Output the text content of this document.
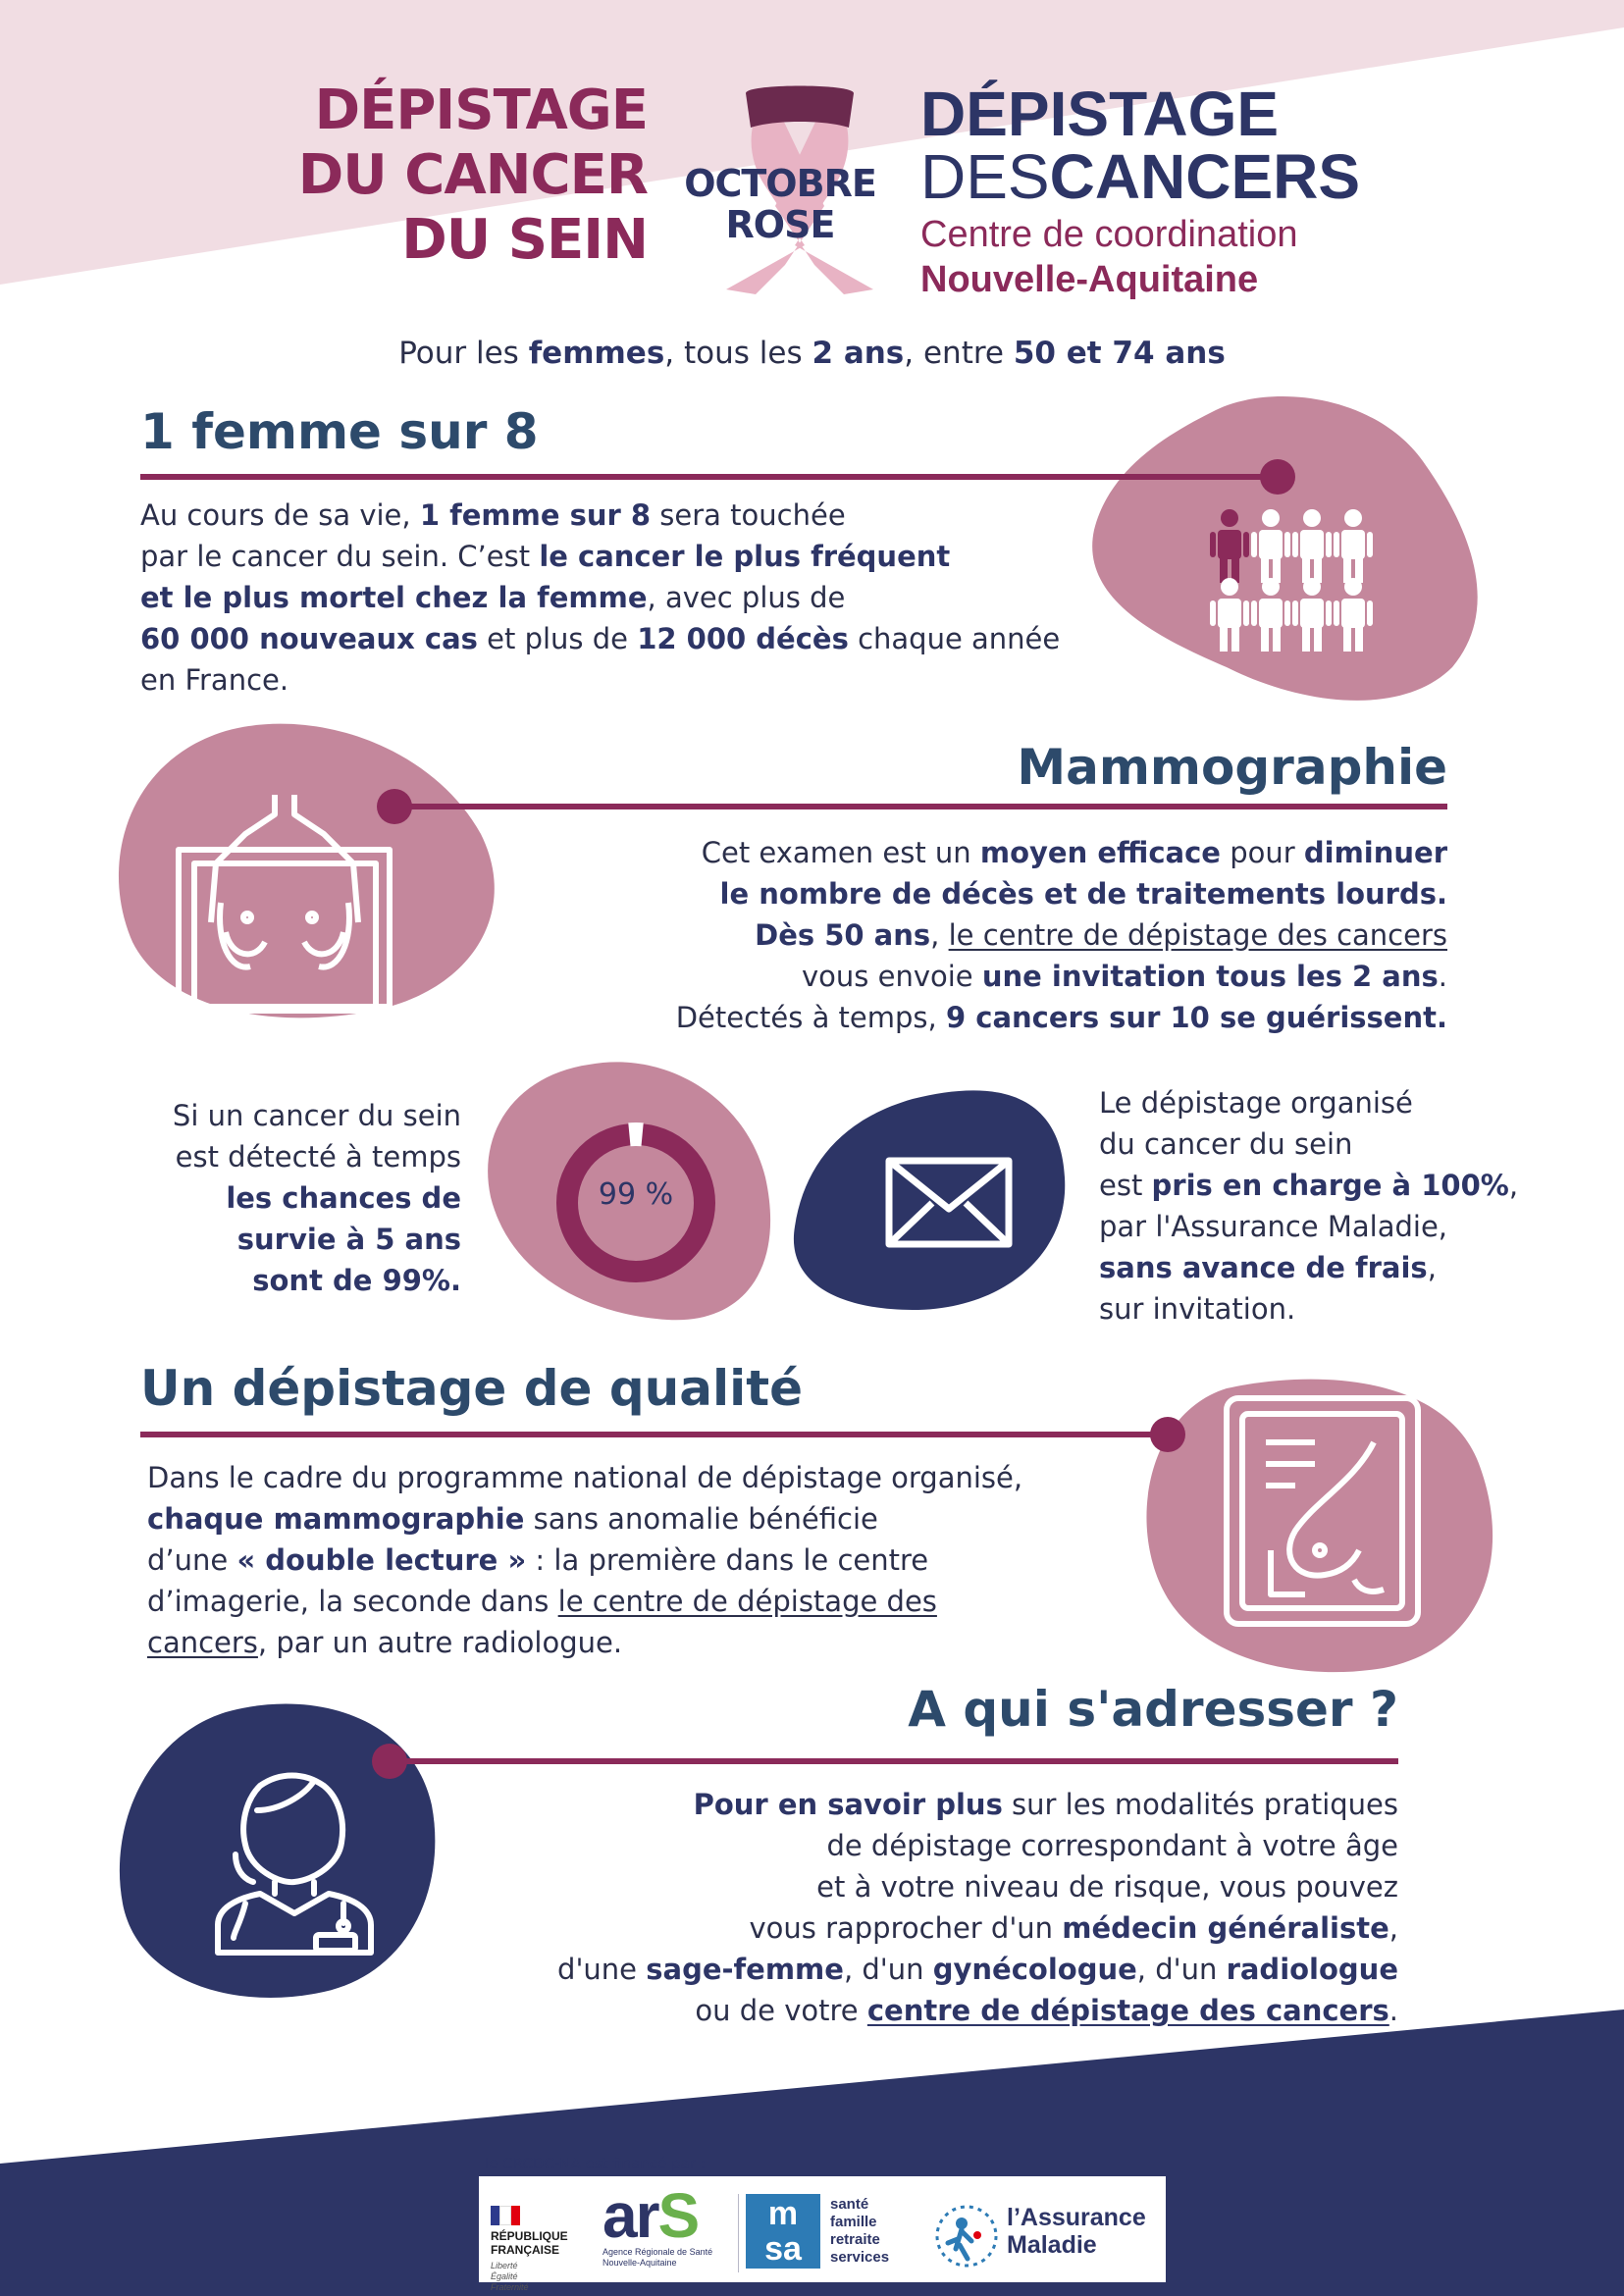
DÉPISTAGE
DU CANCER
DU SEIN
OCTOBRE
ROSE
DÉPISTAGE
DESCANCERS
Centre de coordination
Nouvelle-Aquitaine
Pour les femmes, tous les 2 ans, entre 50 et 74 ans
1 femme sur 8
Au cours de sa vie, 1 femme sur 8 sera touchée
par le cancer du sein. C’est le cancer le plus fréquent
et le plus mortel chez la femme, avec plus de
60 000 nouveaux cas et plus de 12 000 décès chaque année
en France.
Mammographie
Cet examen est un moyen efficace pour diminuer
le nombre de décès et de traitements lourds.
Dès 50 ans, le centre de dépistage des cancers
vous envoie une invitation tous les 2 ans.
Détectés à temps, 9 cancers sur 10 se guérissent.
Si un cancer du sein
est détecté à temps
les chances de
survie à 5 ans
sont de 99%.
99 %
Le dépistage organisé
du cancer du sein
est pris en charge à 100%,
par l'Assurance Maladie,
sans avance de frais,
sur invitation.
Un dépistage de qualité
Dans le cadre du programme national de dépistage organisé,
chaque mammographie sans anomalie bénéficie
d’une « double lecture » : la première dans le centre
d’imagerie, la seconde dans le centre de dépistage des
cancers, par un autre radiologue.
A qui s'adresser ?
Pour en savoir plus sur les modalités pratiques
de dépistage correspondant à votre âge
et à votre niveau de risque, vous pouvez
vous rapprocher d'un médecin généraliste,
d'une sage-femme, d'un gynécologue, d'un radiologue
ou de votre centre de dépistage des cancers.
le CRCDC-NA est financé par :
RÉPUBLIQUE
FRANÇAISE
Liberté
Égalité
Fraternité
arS
Agence Régionale de Santé
Nouvelle-Aquitaine
m
sa
santé
famille
retraite
services
l’Assurance
Maladie
